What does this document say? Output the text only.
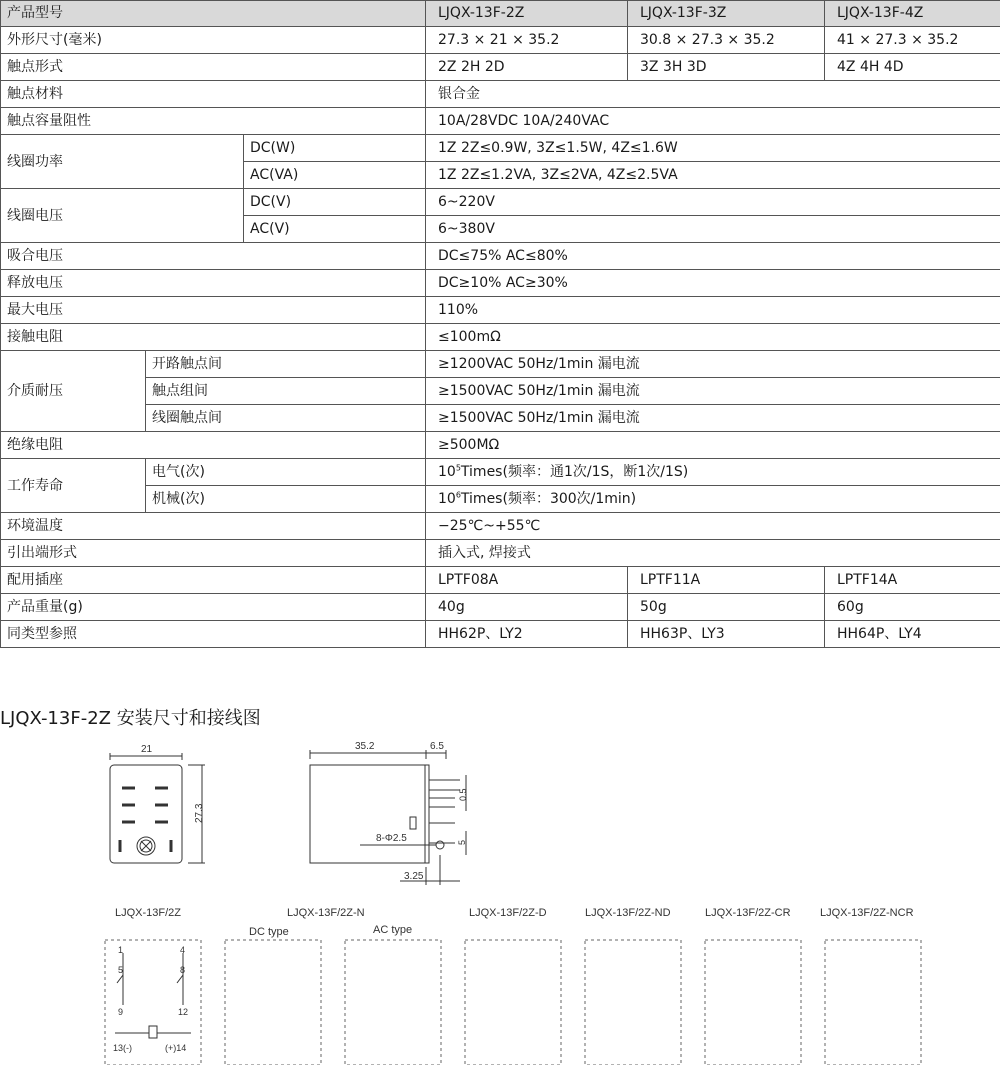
产品型号			LJQX-13F-2Z	LJQX-13F-3Z	LJQX-13F-4Z
外形尺寸(毫米)			27.3 × 21 × 35.2	30.8 × 27.3 × 35.2	41 × 27.3 × 35.2
触点形式			2Z 2H 2D	3Z 3H 3D	4Z 4H 4D
触点材料			银合金		
触点容量阻性			10A/28VDC 10A/240VAC		
线圈功率		DC(W)	1Z 2Z≤0.9W, 3Z≤1.5W, 4Z≤1.6W		
		AC(VA)	1Z 2Z≤1.2VA, 3Z≤2VA, 4Z≤2.5VA		
线圈电压		DC(V)	6~220V		
		AC(V)	6~380V		
吸合电压			DC≤75% AC≤80%		
释放电压			DC≥10% AC≥30%		
最大电压			110%		
接触电阻			≤100mΩ		
介质耐压	开路触点间		≥1200VAC 50Hz/1min 漏电流		
	触点组间		≥1500VAC 50Hz/1min 漏电流		
	线圈触点间		≥1500VAC 50Hz/1min 漏电流		
绝缘电阻			≥500MΩ		
工作寿命	电气(次)		$10^5Times$(频率：通1次/1S，断1次/1S)		
	机械(次)		$10^6Times$(频率：300次/1min)		
环境温度			−25℃~+55℃		
引出端形式			插入式, 焊接式		
配用插座			LPTF08A	LPTF11A	LPTF14A
产品重量(g)			40g	50g	60g
同类型参照			HH62P、LY2	HH63P、LY3	HH64P、LY4
LJQX-13F-2Z 安装尺寸和接线图
21
27.3
35.2	6.5
0.5
5
8-Φ2.5
3.25
DC type	AC type
LJQX-13F/2Z
1	4
5	8
9	12
13(-)	(+)14
LJQX-13F/2Z-N	LJQX-13F/2Z-D	LJQX-13F/2Z-ND	LJQX-13F/2Z-CR	LJQX-13F/2Z-NCR
